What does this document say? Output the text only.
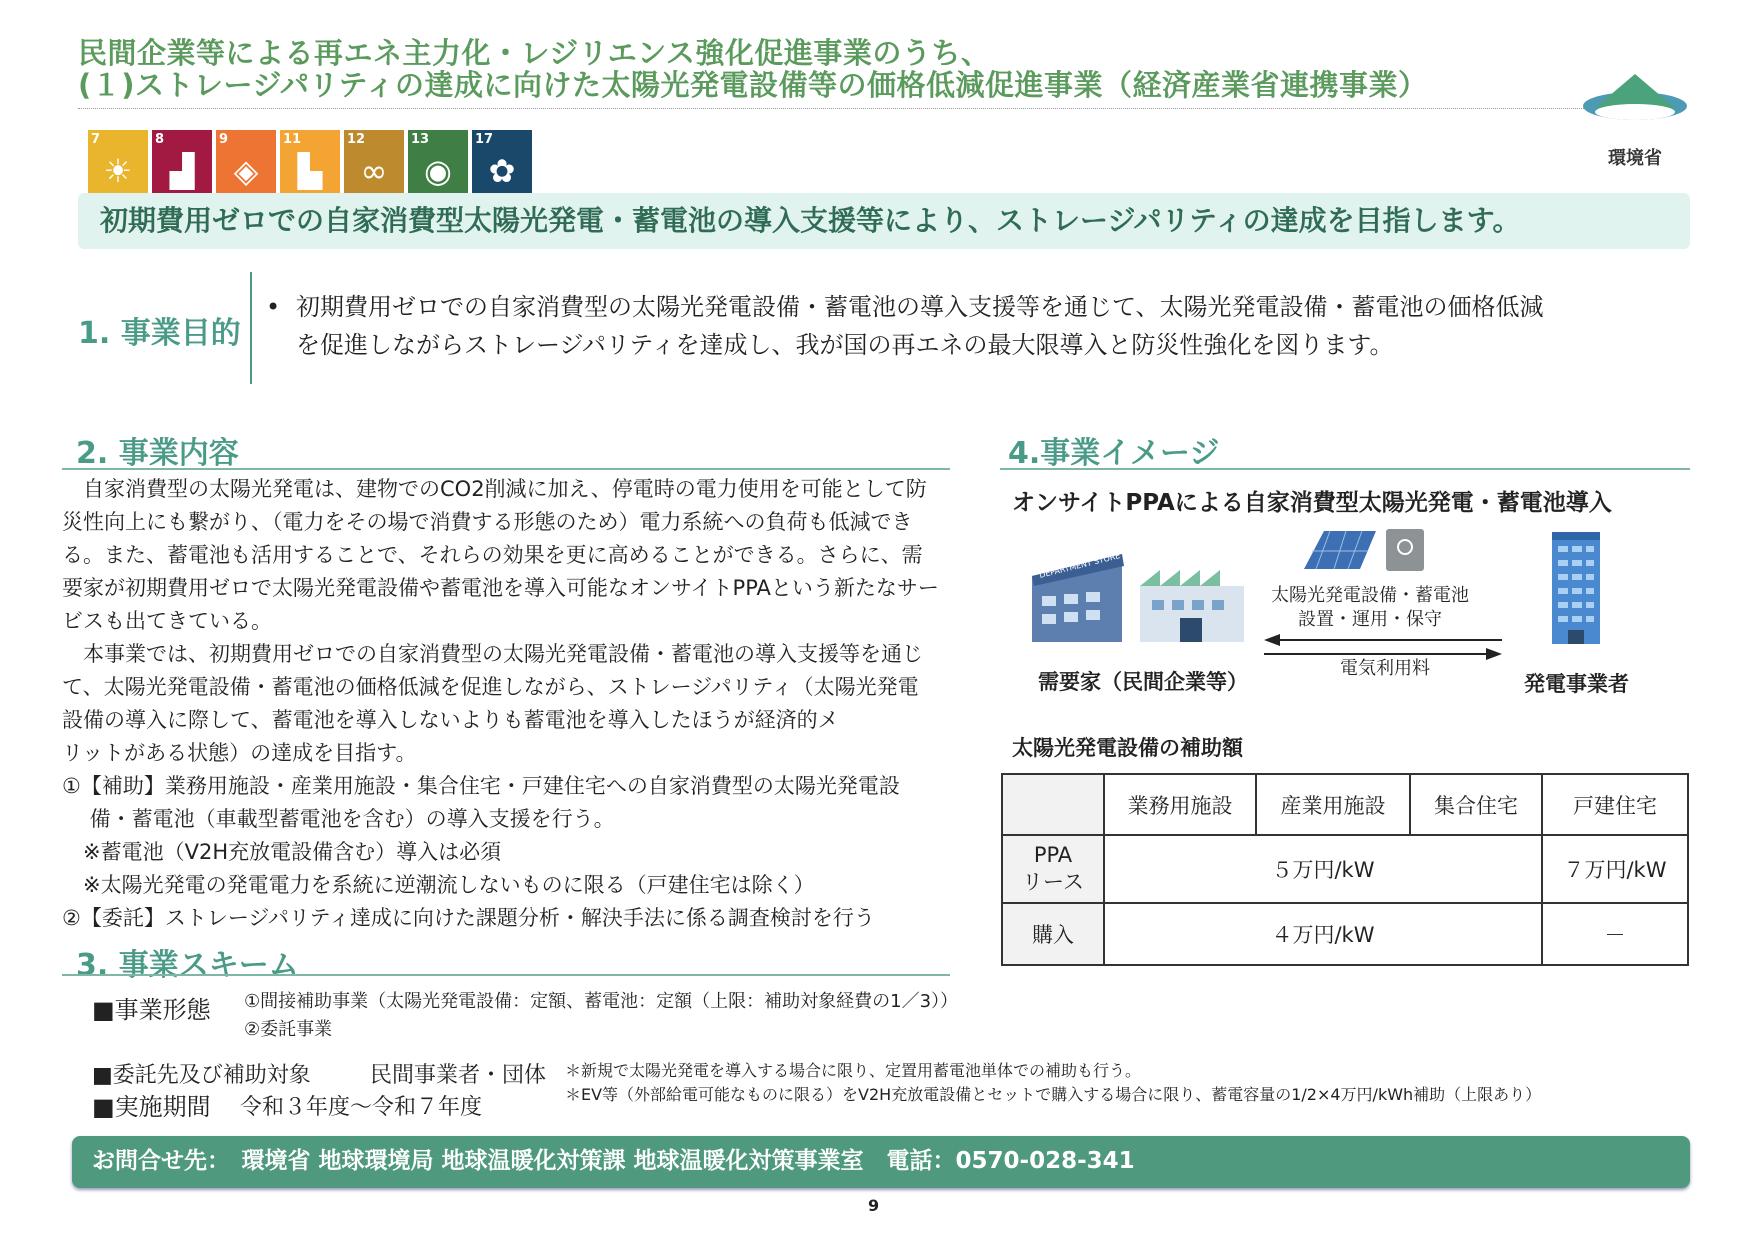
民間企業等による再エネ主力化・レジリエンス強化促進事業のうち、
(１)ストレージパリティの達成に向けた太陽光発電設備等の価格低減促進事業（経済産業省連携事業）
環境省
7
☀
8
▟
9
◈
11
▙
12
∞
13
◉
17
✿
初期費用ゼロでの自家消費型太陽光発電・蓄電池の導入支援等により、ストレージパリティの達成を目指します。
1. 事業目的
• 初期費用ゼロでの自家消費型の太陽光発電設備・蓄電池の導入支援等を通じて、太陽光発電設備・蓄電池の価格低減

を促進しながらストレージパリティを達成し、我が国の再エネの最大限導入と防災性強化を図ります。

2. 事業内容

　自家消費型の太陽光発電は、建物でのCO2削減に加え、停電時の電力使用を可能として防

災性向上にも繋がり、（電力をその場で消費する形態のため）電力系統への負荷も低減でき

る。また、蓄電池も活用することで、それらの効果を更に高めることができる。さらに、需

要家が初期費用ゼロで太陽光発電設備や蓄電池を導入可能なオンサイトPPAという新たなサー

ビスも出てきている。

　本事業では、初期費用ゼロでの自家消費型の太陽光発電設備・蓄電池の導入支援等を通じ

て、太陽光発電設備・蓄電池の価格低減を促進しながら、ストレージパリティ（太陽光発電

設備の導入に際して、蓄電池を導入しないよりも蓄電池を導入したほうが経済的メ

リットがある状態）の達成を目指す。

①【補助】業務用施設・産業用施設・集合住宅・戸建住宅への自家消費型の太陽光発電設

　 備・蓄電池（車載型蓄電池を含む）の導入支援を行う。

　※蓄電池（V2H充放電設備含む）導入は必須

　※太陽光発電の発電電力を系統に逆潮流しないものに限る（戸建住宅は除く）

②【委託】ストレージパリティ達成に向けた課題分析・解決手法に係る調査検討を行う

3. 事業スキーム
■事業形態 ①間接補助事業（太陽光発電設備：定額、蓄電池：定額（上限：補助対象経費の1／3））
②委託事業
■委託先及び補助対象	民間事業者・団体
■実施期間 令和３年度～令和７年度
＊新規で太陽光発電を導入する場合に限り、定置用蓄電池単体での補助も行う。
＊EV等（外部給電可能なものに限る）をV2H充放電設備とセットで購入する場合に限り、蓄電容量の1/2×4万円/kWh補助（上限あり）
4.事業イメージ
オンサイトPPAによる自家消費型太陽光発電・蓄電池導入
DEPARTMENT STORE
太陽光発電設備・蓄電池
設置・運用・保守
電気利用料
需要家（民間企業等）	発電事業者
太陽光発電設備の補助額
	業務用施設	産業用施設	集合住宅	戸建住宅
PPA
リース	５万円/kW			７万円/kW
購入	４万円/kW			－
お問合せ先：　環境省 地球環境局 地球温暖化対策課 地球温暖化対策事業室　電話：0570-028-341
9
